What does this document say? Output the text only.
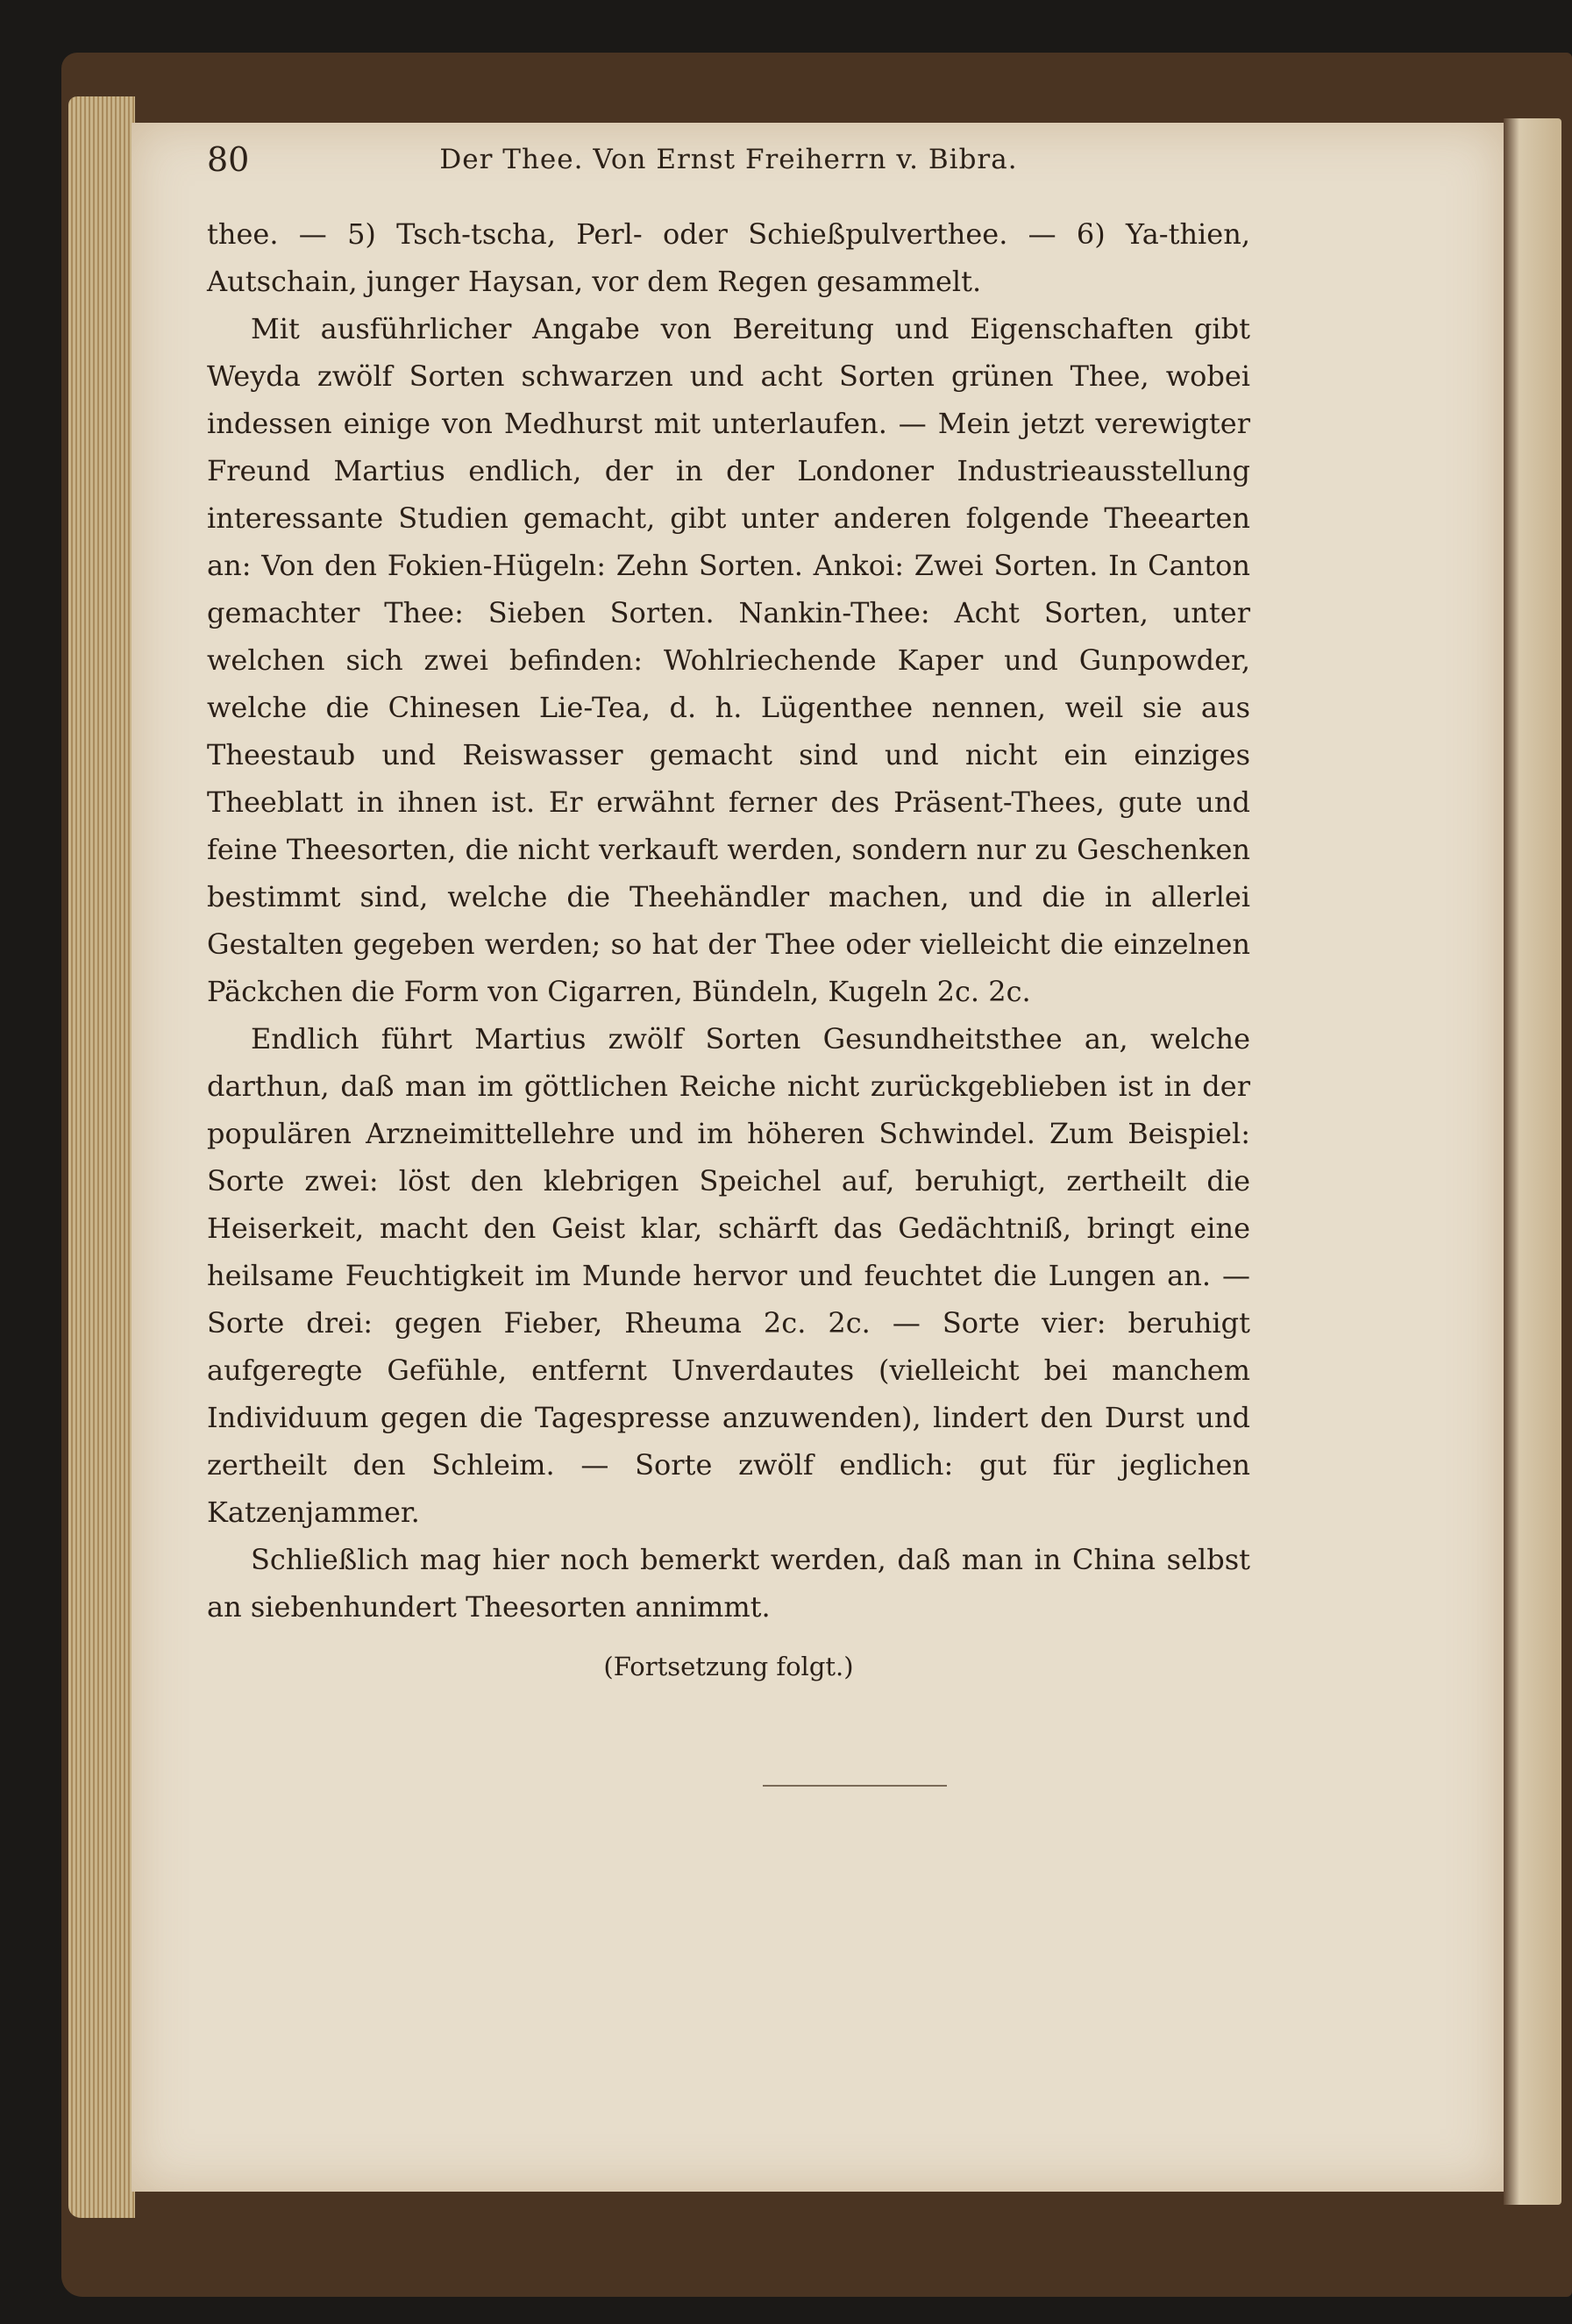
80	Der Thee. Von Ernst Freiherrn v. Bibra.

thee. — 5) Tsch-tscha, Perl- oder Schießpulverthee. — 6) Ya-thien, Autschain, junger Haysan, vor dem Regen gesammelt.

Mit ausführlicher Angabe von Bereitung und Eigenschaften gibt Weyda zwölf Sorten schwarzen und acht Sorten grünen Thee, wobei indessen einige von Medhurst mit unterlaufen. — Mein jetzt verewigter Freund Martius endlich, der in der Londoner Industrieausstellung interessante Studien gemacht, gibt unter anderen folgende Theearten an: Von den Fokien-Hügeln: Zehn Sorten. Ankoi: Zwei Sorten. In Canton gemachter Thee: Sieben Sorten. Nankin-Thee: Acht Sorten, unter welchen sich zwei befinden: Wohlriechende Kaper und Gunpowder, welche die Chinesen Lie-Tea, d. h. Lügenthee nennen, weil sie aus Theestaub und Reiswasser gemacht sind und nicht ein einziges Theeblatt in ihnen ist. Er erwähnt ferner des Präsent-Thees, gute und feine Theesorten, die nicht verkauft werden, sondern nur zu Geschenken bestimmt sind, welche die Theehändler machen, und die in allerlei Gestalten gegeben werden; so hat der Thee oder vielleicht die einzelnen Päckchen die Form von Cigarren, Bündeln, Kugeln 2c. 2c.

Endlich führt Martius zwölf Sorten Gesundheitsthee an, welche darthun, daß man im göttlichen Reiche nicht zurückgeblieben ist in der populären Arzneimittellehre und im höheren Schwindel. Zum Beispiel: Sorte zwei: löst den klebrigen Speichel auf, beruhigt, zertheilt die Heiserkeit, macht den Geist klar, schärft das Gedächtniß, bringt eine heilsame Feuchtigkeit im Munde hervor und feuchtet die Lungen an. — Sorte drei: gegen Fieber, Rheuma 2c. 2c. — Sorte vier: beruhigt aufgeregte Gefühle, entfernt Unverdautes (vielleicht bei manchem Individuum gegen die Tagespresse anzuwenden), lindert den Durst und zertheilt den Schleim. — Sorte zwölf endlich: gut für jeglichen Katzenjammer.

Schließlich mag hier noch bemerkt werden, daß man in China selbst an siebenhundert Theesorten annimmt.

(Fortsetzung folgt.)
